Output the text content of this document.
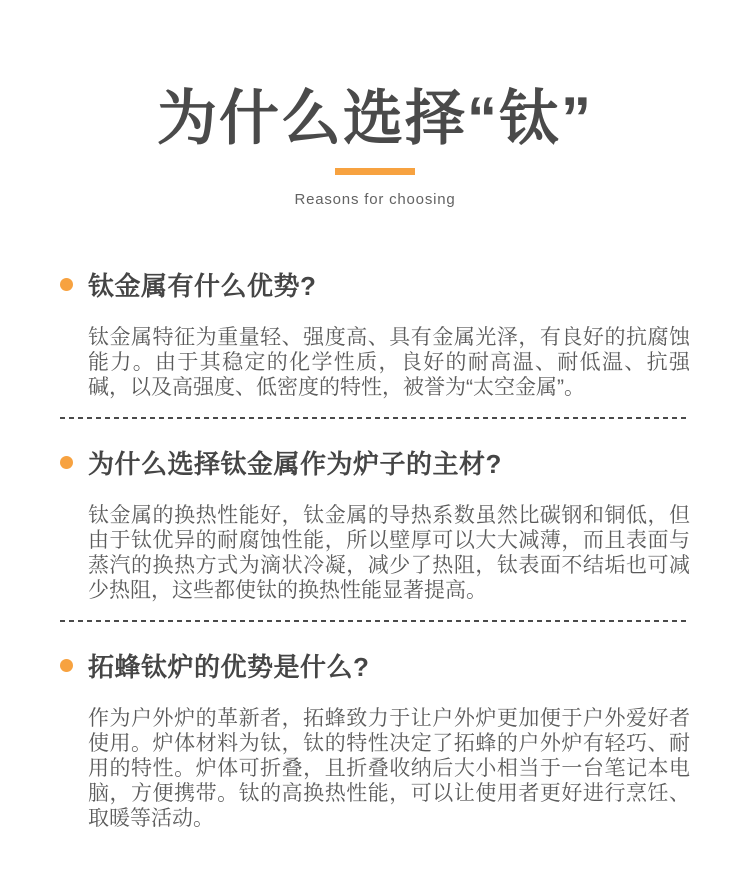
为什么选择“钛”

Reasons for choosing

钛金属有什么优势?

钛金属特征为重量轻、强度高、具有金属光泽，有良好的抗腐蚀能力。由于其稳定的化学性质，良好的耐高温、耐低温、抗强碱，以及高强度、低密度的特性，被誉为“太空金属”。

为什么选择钛金属作为炉子的主材?

钛金属的换热性能好，钛金属的导热系数虽然比碳钢和铜低，但由于钛优异的耐腐蚀性能，所以壁厚可以大大减薄，而且表面与蒸汽的换热方式为滴状冷凝，减少了热阻，钛表面不结垢也可减少热阻，这些都使钛的换热性能显著提高。

拓蜂钛炉的优势是什么?

作为户外炉的革新者，拓蜂致力于让户外炉更加便于户外爱好者使用。炉体材料为钛，钛的特性决定了拓蜂的户外炉有轻巧、耐用的特性。炉体可折叠，且折叠收纳后大小相当于一台笔记本电脑，方便携带。钛的高换热性能，可以让使用者更好进行烹饪、取暖等活动。
